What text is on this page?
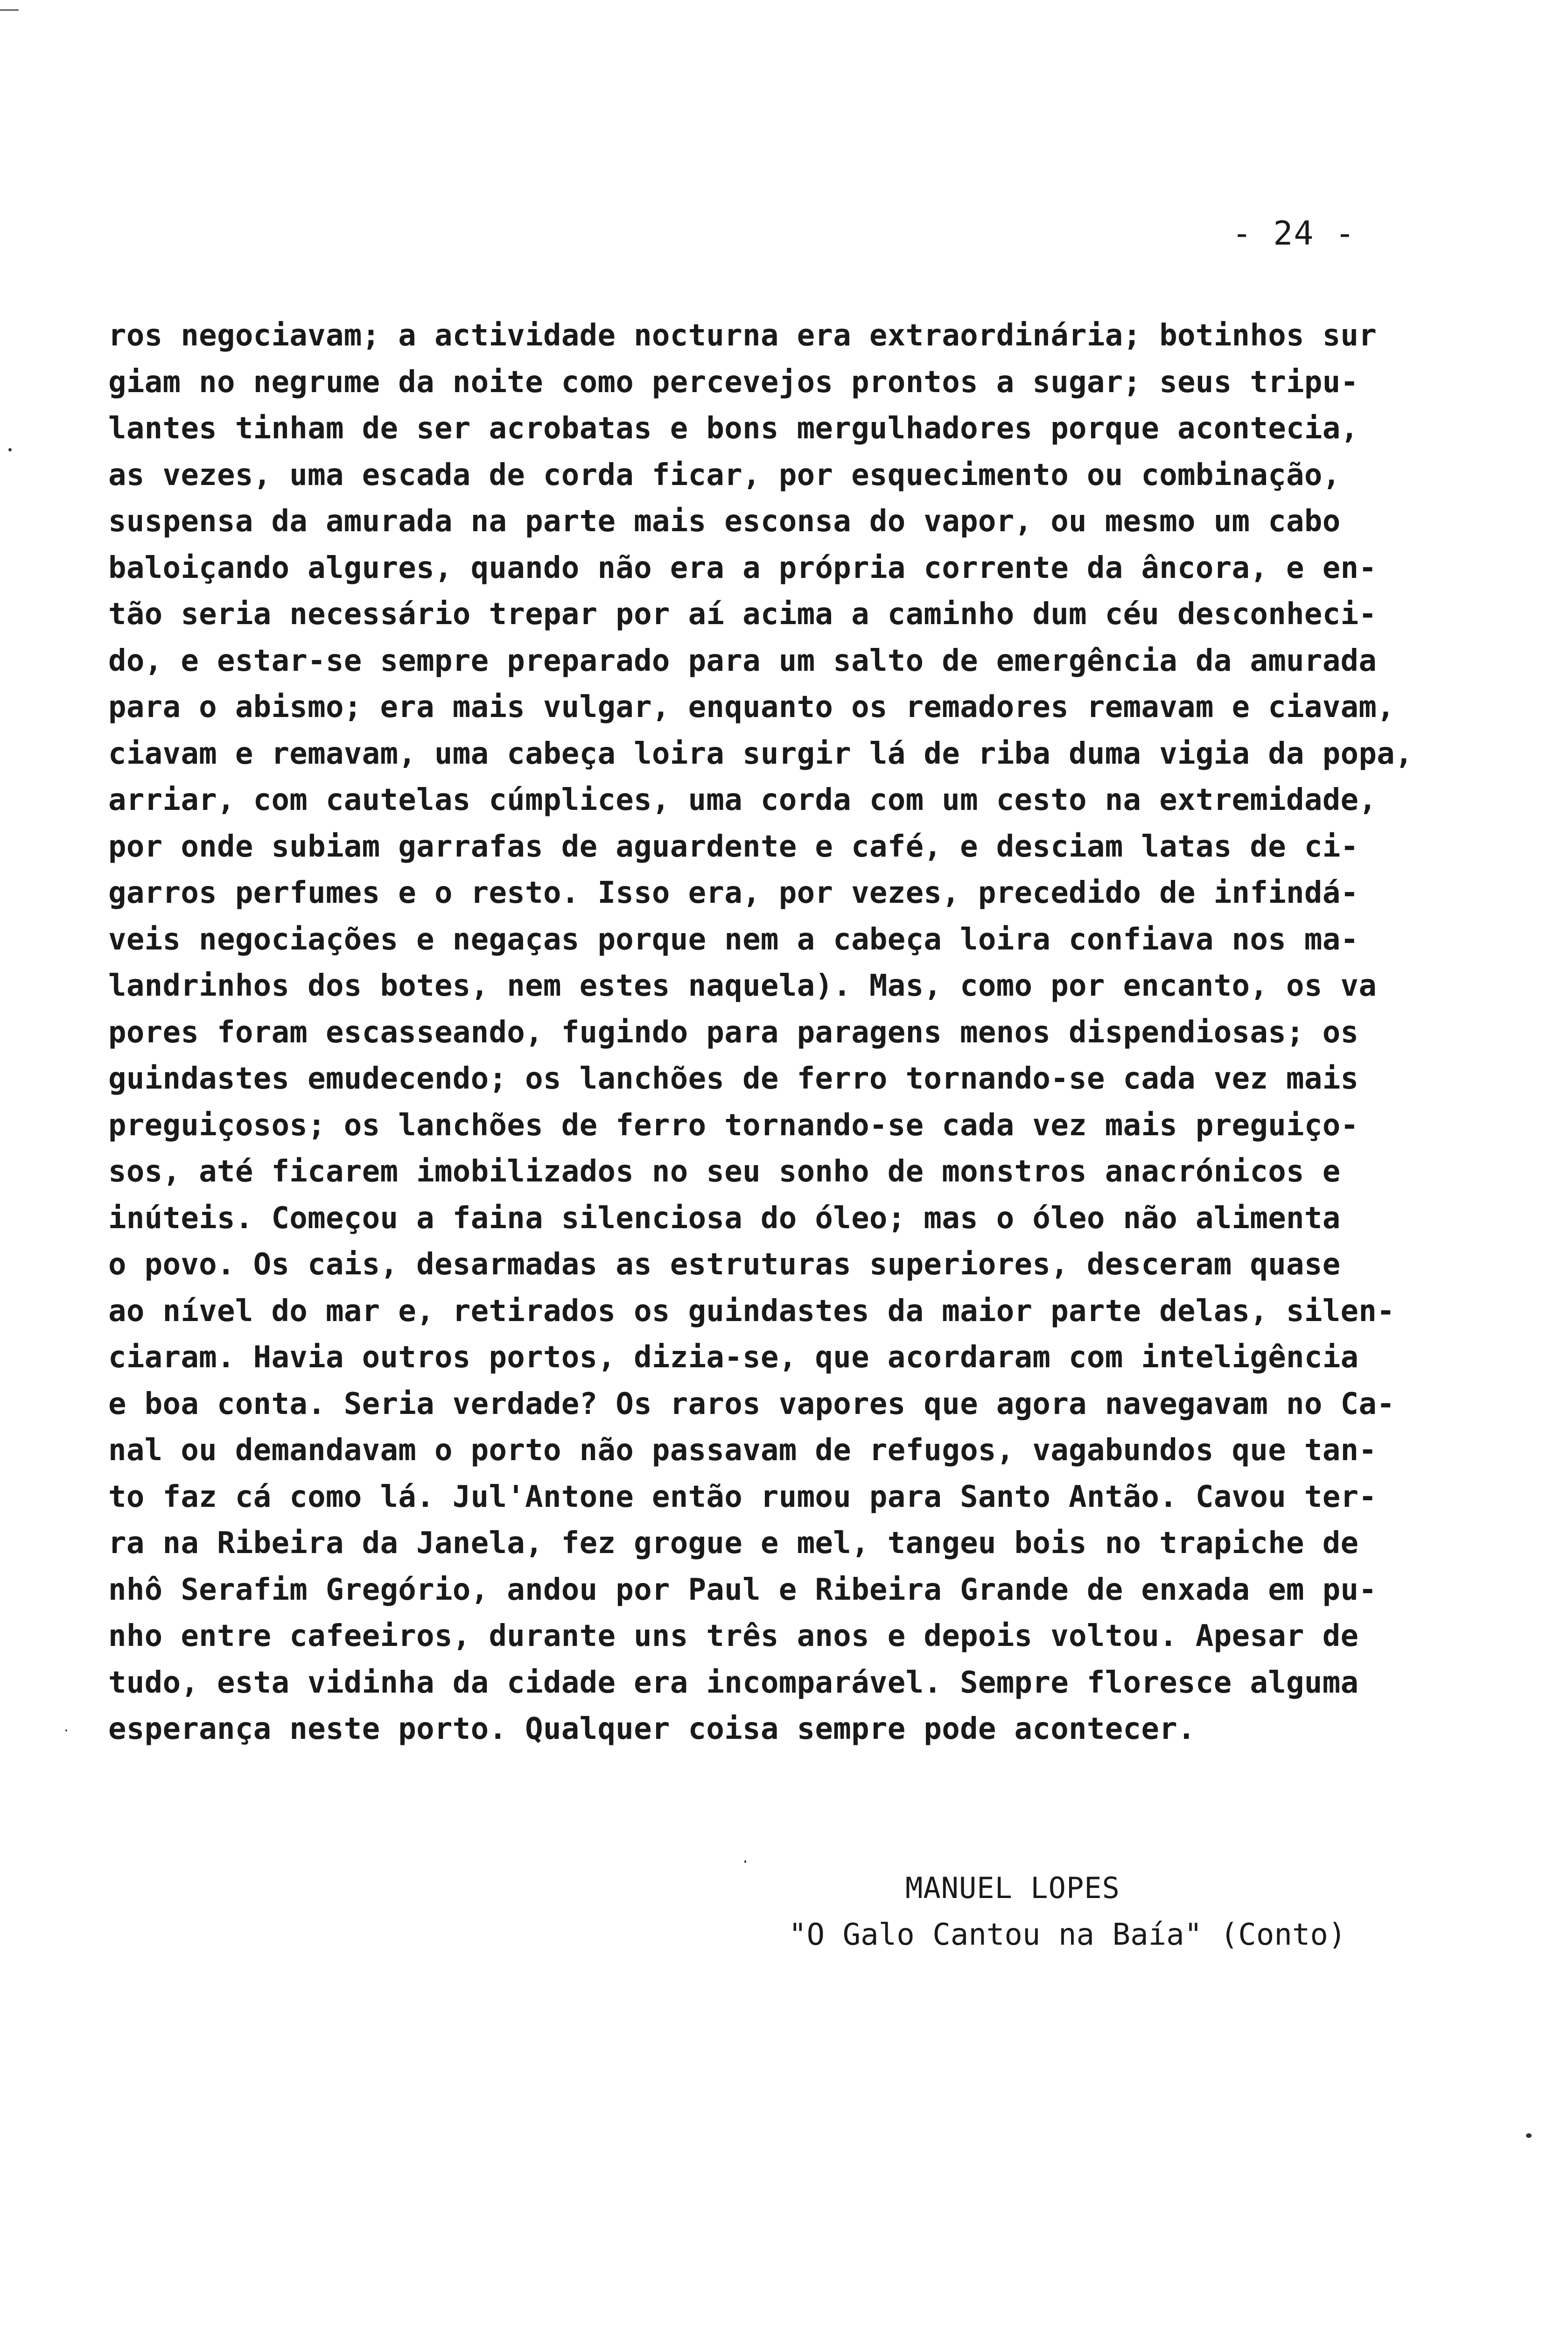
- 24 -
ros negociavam; a actividade nocturna era extraordinária; botinhos sur
giam no negrume da noite como percevejos prontos a sugar; seus tripu-
lantes tinham de ser acrobatas e bons mergulhadores porque acontecia,
as vezes, uma escada de corda ficar, por esquecimento ou combinação,
suspensa da amurada na parte mais esconsa do vapor, ou mesmo um cabo
baloiçando algures, quando não era a própria corrente da âncora, e en-
tão seria necessário trepar por aí acima a caminho dum céu desconheci-
do, e estar-se sempre preparado para um salto de emergência da amurada
para o abismo; era mais vulgar, enquanto os remadores remavam e ciavam,
ciavam e remavam, uma cabeça loira surgir lá de riba duma vigia da popa,
arriar, com cautelas cúmplices, uma corda com um cesto na extremidade,
por onde subiam garrafas de aguardente e café, e desciam latas de ci-
garros perfumes e o resto. Isso era, por vezes, precedido de infindá-
veis negociações e negaças porque nem a cabeça loira confiava nos ma-
landrinhos dos botes, nem estes naquela). Mas, como por encanto, os va
pores foram escasseando, fugindo para paragens menos dispendiosas; os
guindastes emudecendo; os lanchões de ferro tornando-se cada vez mais
preguiçosos; os lanchões de ferro tornando-se cada vez mais preguiço-
sos, até ficarem imobilizados no seu sonho de monstros anacrónicos e
inúteis. Começou a faina silenciosa do óleo; mas o óleo não alimenta
o povo. Os cais, desarmadas as estruturas superiores, desceram quase
ao nível do mar e, retirados os guindastes da maior parte delas, silen-
ciaram. Havia outros portos, dizia-se, que acordaram com inteligência
e boa conta. Seria verdade? Os raros vapores que agora navegavam no Ca-
nal ou demandavam o porto não passavam de refugos, vagabundos que tan-
to faz cá como lá. Jul'Antone então rumou para Santo Antão. Cavou ter-
ra na Ribeira da Janela, fez grogue e mel, tangeu bois no trapiche de
nhô Serafim Gregório, andou por Paul e Ribeira Grande de enxada em pu-
nho entre cafeeiros, durante uns três anos e depois voltou. Apesar de
tudo, esta vidinha da cidade era incomparável. Sempre floresce alguma
esperança neste porto. Qualquer coisa sempre pode acontecer.
MANUEL LOPES
"O Galo Cantou na Baía" (Conto)
